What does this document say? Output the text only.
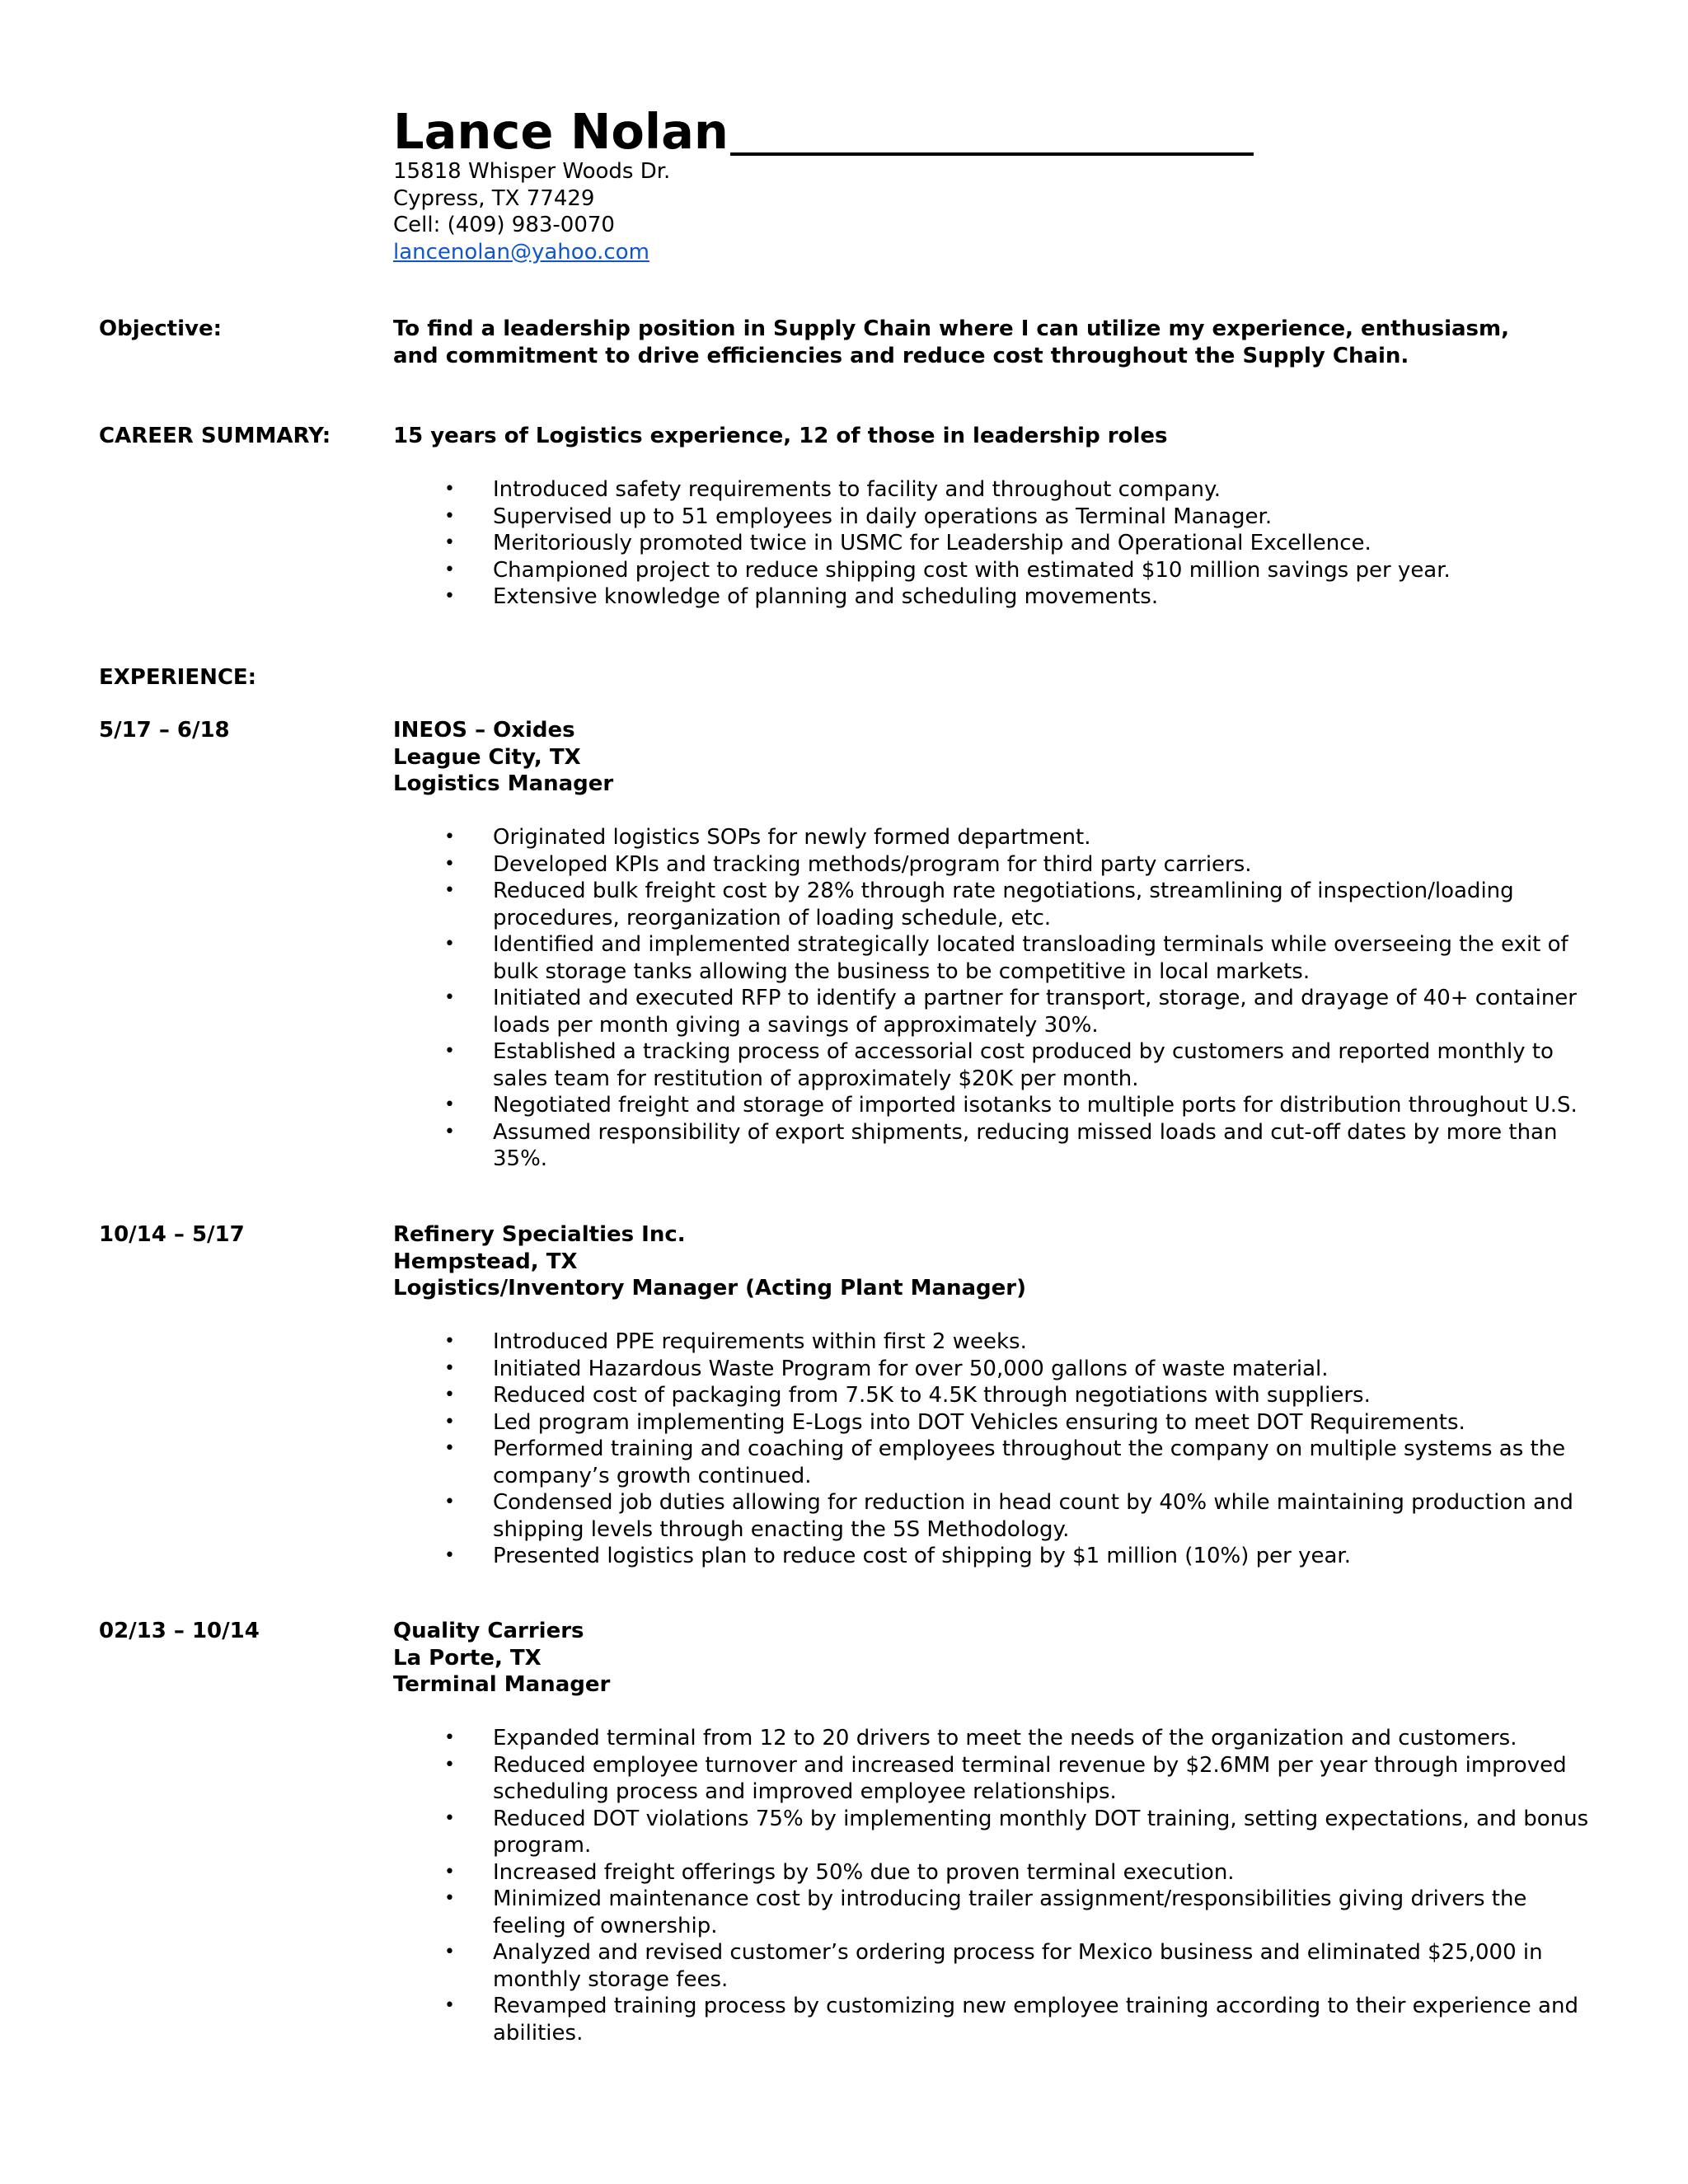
Lance Nolan
15818 Whisper Woods Dr.
Cypress, TX 77429
Cell: (409) 983-0070
lancenolan@yahoo.com
Objective:	To find a leadership position in Supply Chain where I can utilize my experience, enthusiasm,
and commitment to drive efficiencies and reduce cost throughout the Supply Chain.
CAREER SUMMARY:	15 years of Logistics experience, 12 of those in leadership roles
• Introduced safety requirements to facility and throughout company.
• Supervised up to 51 employees in daily operations as Terminal Manager.
• Meritoriously promoted twice in USMC for Leadership and Operational Excellence.
• Championed project to reduce shipping cost with estimated $10 million savings per year.
• Extensive knowledge of planning and scheduling movements.
EXPERIENCE:
5/17 – 6/18	INEOS – Oxides
League City, TX
Logistics Manager
• Originated logistics SOPs for newly formed department.
• Developed KPIs and tracking methods/program for third party carriers.
• Reduced bulk freight cost by 28% through rate negotiations, streamlining of inspection/loading procedures, reorganization of loading schedule, etc.
• Identified and implemented strategically located transloading terminals while overseeing the exit of bulk storage tanks allowing the business to be competitive in local markets.
• Initiated and executed RFP to identify a partner for transport, storage, and drayage of 40+ container loads per month giving a savings of approximately 30%.
• Established a tracking process of accessorial cost produced by customers and reported monthly to sales team for restitution of approximately $20K per month.
• Negotiated freight and storage of imported isotanks to multiple ports for distribution throughout U.S.
• Assumed responsibility of export shipments, reducing missed loads and cut-off dates by more than 35%.
10/14 – 5/17	Refinery Specialties Inc.
Hempstead, TX
Logistics/Inventory Manager (Acting Plant Manager)
• Introduced PPE requirements within first 2 weeks.
• Initiated Hazardous Waste Program for over 50,000 gallons of waste material.
• Reduced cost of packaging from 7.5K to 4.5K through negotiations with suppliers.
• Led program implementing E-Logs into DOT Vehicles ensuring to meet DOT Requirements.
• Performed training and coaching of employees throughout the company on multiple systems as the company’s growth continued.
• Condensed job duties allowing for reduction in head count by 40% while maintaining production and shipping levels through enacting the 5S Methodology.
• Presented logistics plan to reduce cost of shipping by $1 million (10%) per year.
02/13 – 10/14	Quality Carriers
La Porte, TX
Terminal Manager
• Expanded terminal from 12 to 20 drivers to meet the needs of the organization and customers.
• Reduced employee turnover and increased terminal revenue by $2.6MM per year through improved scheduling process and improved employee relationships.
• Reduced DOT violations 75% by implementing monthly DOT training, setting expectations, and bonus program.
• Increased freight offerings by 50% due to proven terminal execution.
• Minimized maintenance cost by introducing trailer assignment/responsibilities giving drivers the feeling of ownership.
• Analyzed and revised customer’s ordering process for Mexico business and eliminated $25,000 in monthly storage fees.
• Revamped training process by customizing new employee training according to their experience and abilities.
